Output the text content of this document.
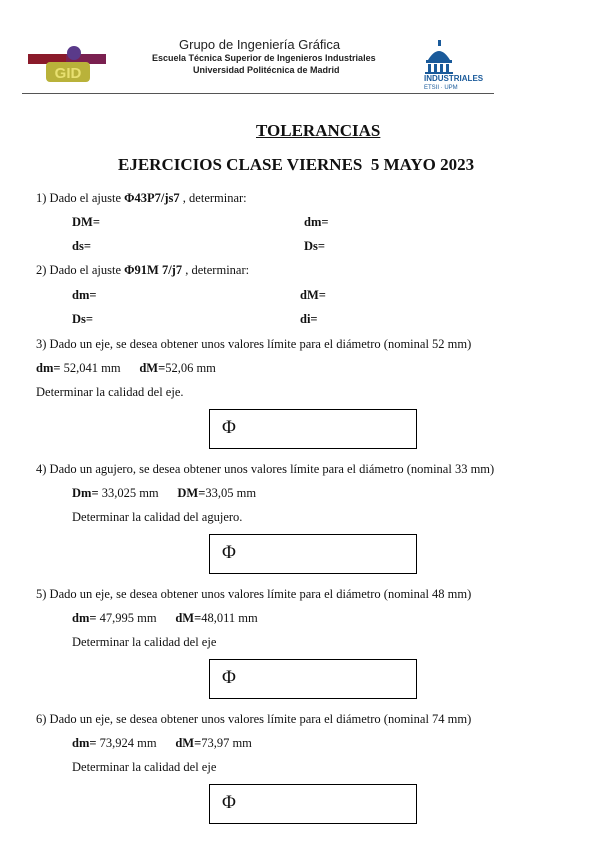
GID
Grupo de Ingeniería Gráfica
Escuela Técnica Superior de Ingenieros Industriales
Universidad Politécnica de Madrid
INDUSTRIALES
ETSII · UPM
TOLERANCIAS
EJERCICIOS CLASE VIERNES  5 MAYO 2023
1) Dado el ajuste Φ43P7/js7 , determinar:
DM=	dm=
ds=	Ds=
2) Dado el ajuste Φ91M 7/j7 , determinar:
dm=	dM=
Ds=	di=
3) Dado un eje, se desea obtener unos valores límite para el diámetro (nominal 52 mm)
dm= 52,041 mm dM=52,06 mm
Determinar la calidad del eje.
Φ
4) Dado un agujero, se desea obtener unos valores límite para el diámetro (nominal 33 mm)
Dm= 33,025 mm DM=33,05 mm
Determinar la calidad del agujero.
Φ
5) Dado un eje, se desea obtener unos valores límite para el diámetro (nominal 48 mm)
dm= 47,995 mm dM=48,011 mm
Determinar la calidad del eje
Φ
6) Dado un eje, se desea obtener unos valores límite para el diámetro (nominal 74 mm)
dm= 73,924 mm dM=73,97 mm
Determinar la calidad del eje
Φ
